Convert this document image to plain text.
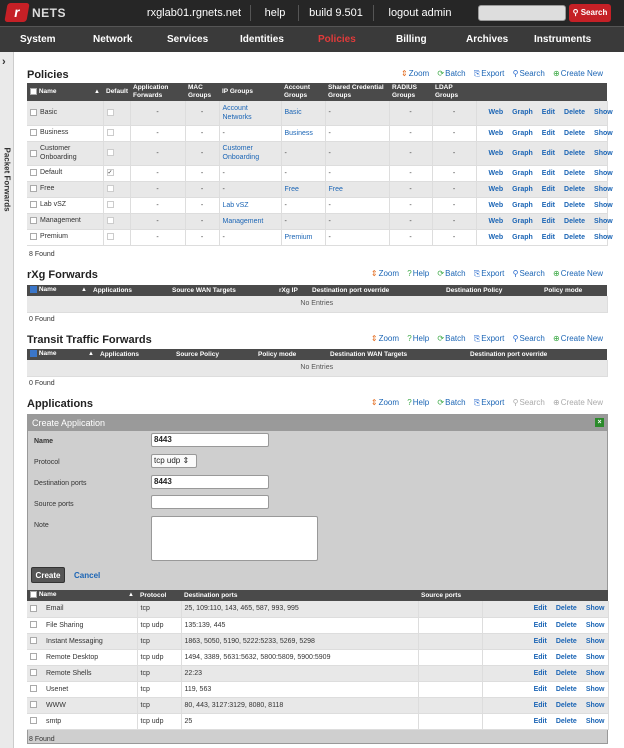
r NETS	rxglab01.rgnets.net	help	build 9.501	logout admin	⚲ Search
System	Network	Services	Identities	Policies	Billing	Archives	Instruments
›
Packet Forwards
Policies	⇕Zoom ⟳Batch ⎘Export ⚲Search ⊕Create New
Name ▲	Default	Application Forwards	MAC Groups	IP Groups	Account Groups	Shared Credential Groups	RADIUS Groups	LDAP Groups	
Basic		-	-	Account Networks	Basic	-	-	-	Web Graph Edit Delete Show
Business		-	-	-	Business	-	-	-	Web Graph Edit Delete Show
Customer Onboarding		-	-	Customer Onboarding	-	-	-	-	Web Graph Edit Delete Show
Default	✓	-	-	-	-	-	-	-	Web Graph Edit Delete Show
Free		-	-	-	Free	Free	-	-	Web Graph Edit Delete Show
Lab vSZ		-	-	Lab vSZ	-	-	-	-	Web Graph Edit Delete Show
Management		-	-	Management	-	-	-	-	Web Graph Edit Delete Show
Premium		-	-	-	Premium	-	-	-	Web Graph Edit Delete Show
8 Found
rXg Forwards	⇕Zoom ?Help ⟳Batch ⎘Export ⚲Search ⊕Create New
Name	▲	Applications	Source WAN Targets	rXg IP	Destination port override	Destination Policy	Policy mode
No Entries
0 Found
Transit Traffic Forwards	⇕Zoom ?Help ⟳Batch ⎘Export ⚲Search ⊕Create New
Name	▲	Applications	Source Policy	Policy mode	Destination WAN Targets	Destination port override
No Entries
0 Found
Applications	⇕Zoom ?Help ⟳Batch ⎘Export ⚲Search ⊕Create New
Create Application	×
Name	8443
Protocol	tcp udp ⇕
Destination ports	8443
Source ports
Note
Create	Cancel
Name ▲	Protocol	Destination ports	Source ports	
Email	tcp	25, 109:110, 143, 465, 587, 993, 995		Edit Delete Show
File Sharing	tcp udp	135:139, 445		Edit Delete Show
Instant Messaging	tcp	1863, 5050, 5190, 5222:5233, 5269, 5298		Edit Delete Show
Remote Desktop	tcp udp	1494, 3389, 5631:5632, 5800:5809, 5900:5909		Edit Delete Show
Remote Shells	tcp	22:23		Edit Delete Show
Usenet	tcp	119, 563		Edit Delete Show
WWW	tcp	80, 443, 3127:3129, 8080, 8118		Edit Delete Show
smtp	tcp udp	25		Edit Delete Show
8 Found
